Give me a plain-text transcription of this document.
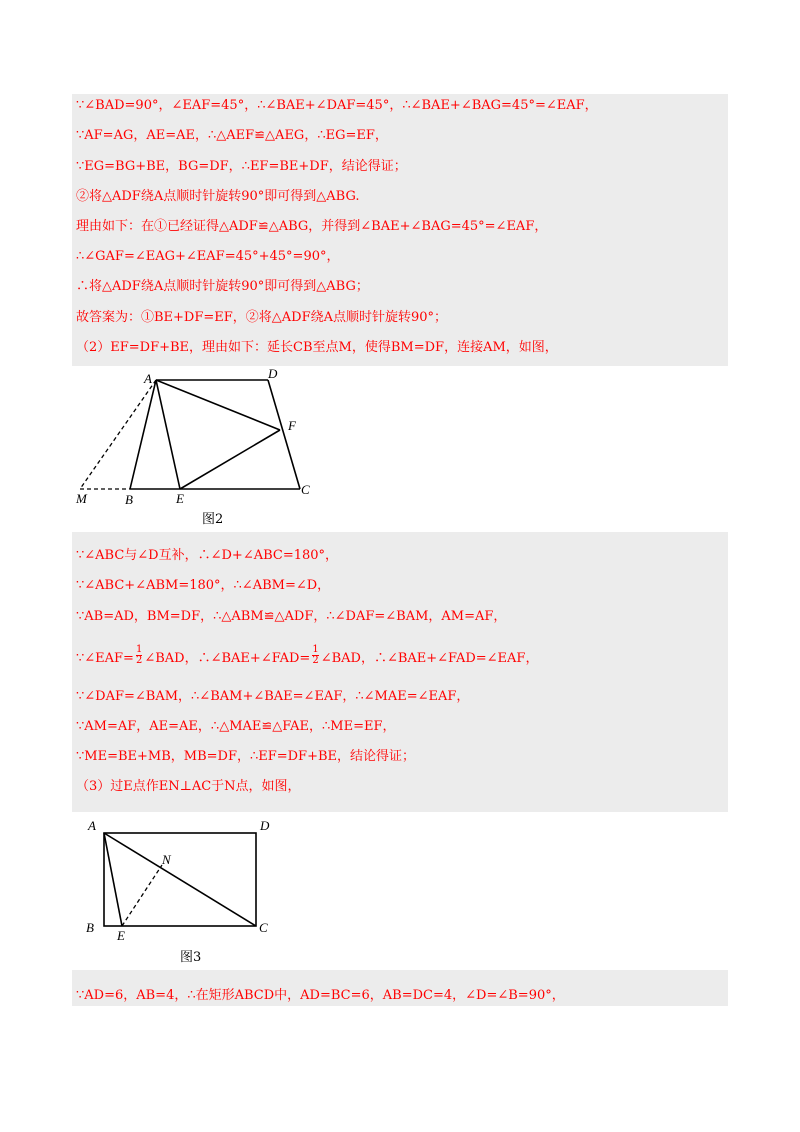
∵∠BAD=90°，∠EAF=45°，∴∠BAE+∠DAF=45°，∴∠BAE+∠BAG=45°=∠EAF，
∵AF=AG，AE=AE，∴△AEF≌△AEG，∴EG=EF，
∵EG=BG+BE，BG=DF，∴EF=BE+DF，结论得证；
②将△ADF绕A点顺时针旋转90°即可得到△ABG.
理由如下：在①已经证得△ADF≌△ABG，并得到∠BAE+∠BAG=45°=∠EAF，
∴∠GAF=∠EAG+∠EAF=45°+45°=90°，
∴将△ADF绕A点顺时针旋转90°即可得到△ABG；
故答案为：①BE+DF=EF，②将△ADF绕A点顺时针旋转90°；
（2）EF=DF+BE，理由如下：延长CB至点M，使得BM=DF，连接AM，如图，
A	D
F
C
M	B	E
图2
∵∠ABC与∠D互补，∴∠D+∠ABC=180°，
∵∠ABC+∠ABM=180°，∴∠ABM=∠D，
∵AB=AD，BM=DF，∴△ABM≌△ADF，∴∠DAF=∠BAM，AM=AF，
∵∠EAF= $\frac{1}{2}$ ∠BAD，∴∠BAE+∠FAD= $\frac{1}{2}$ ∠BAD，∴∠BAE+∠FAD=∠EAF，
∵∠DAF=∠BAM，∴∠BAM+∠BAE=∠EAF，∴∠MAE=∠EAF，
∵AM=AF，AE=AE，∴△MAE≌△FAE，∴ME=EF，
∵ME=BE+MB，MB=DF，∴EF=DF+BE，结论得证；
（3）过E点作EN⊥AC于N点，如图，
A	D
N
B
E
C
图3
∵AD=6，AB=4，∴在矩形ABCD中，AD=BC=6，AB=DC=4，∠D=∠B=90°，
